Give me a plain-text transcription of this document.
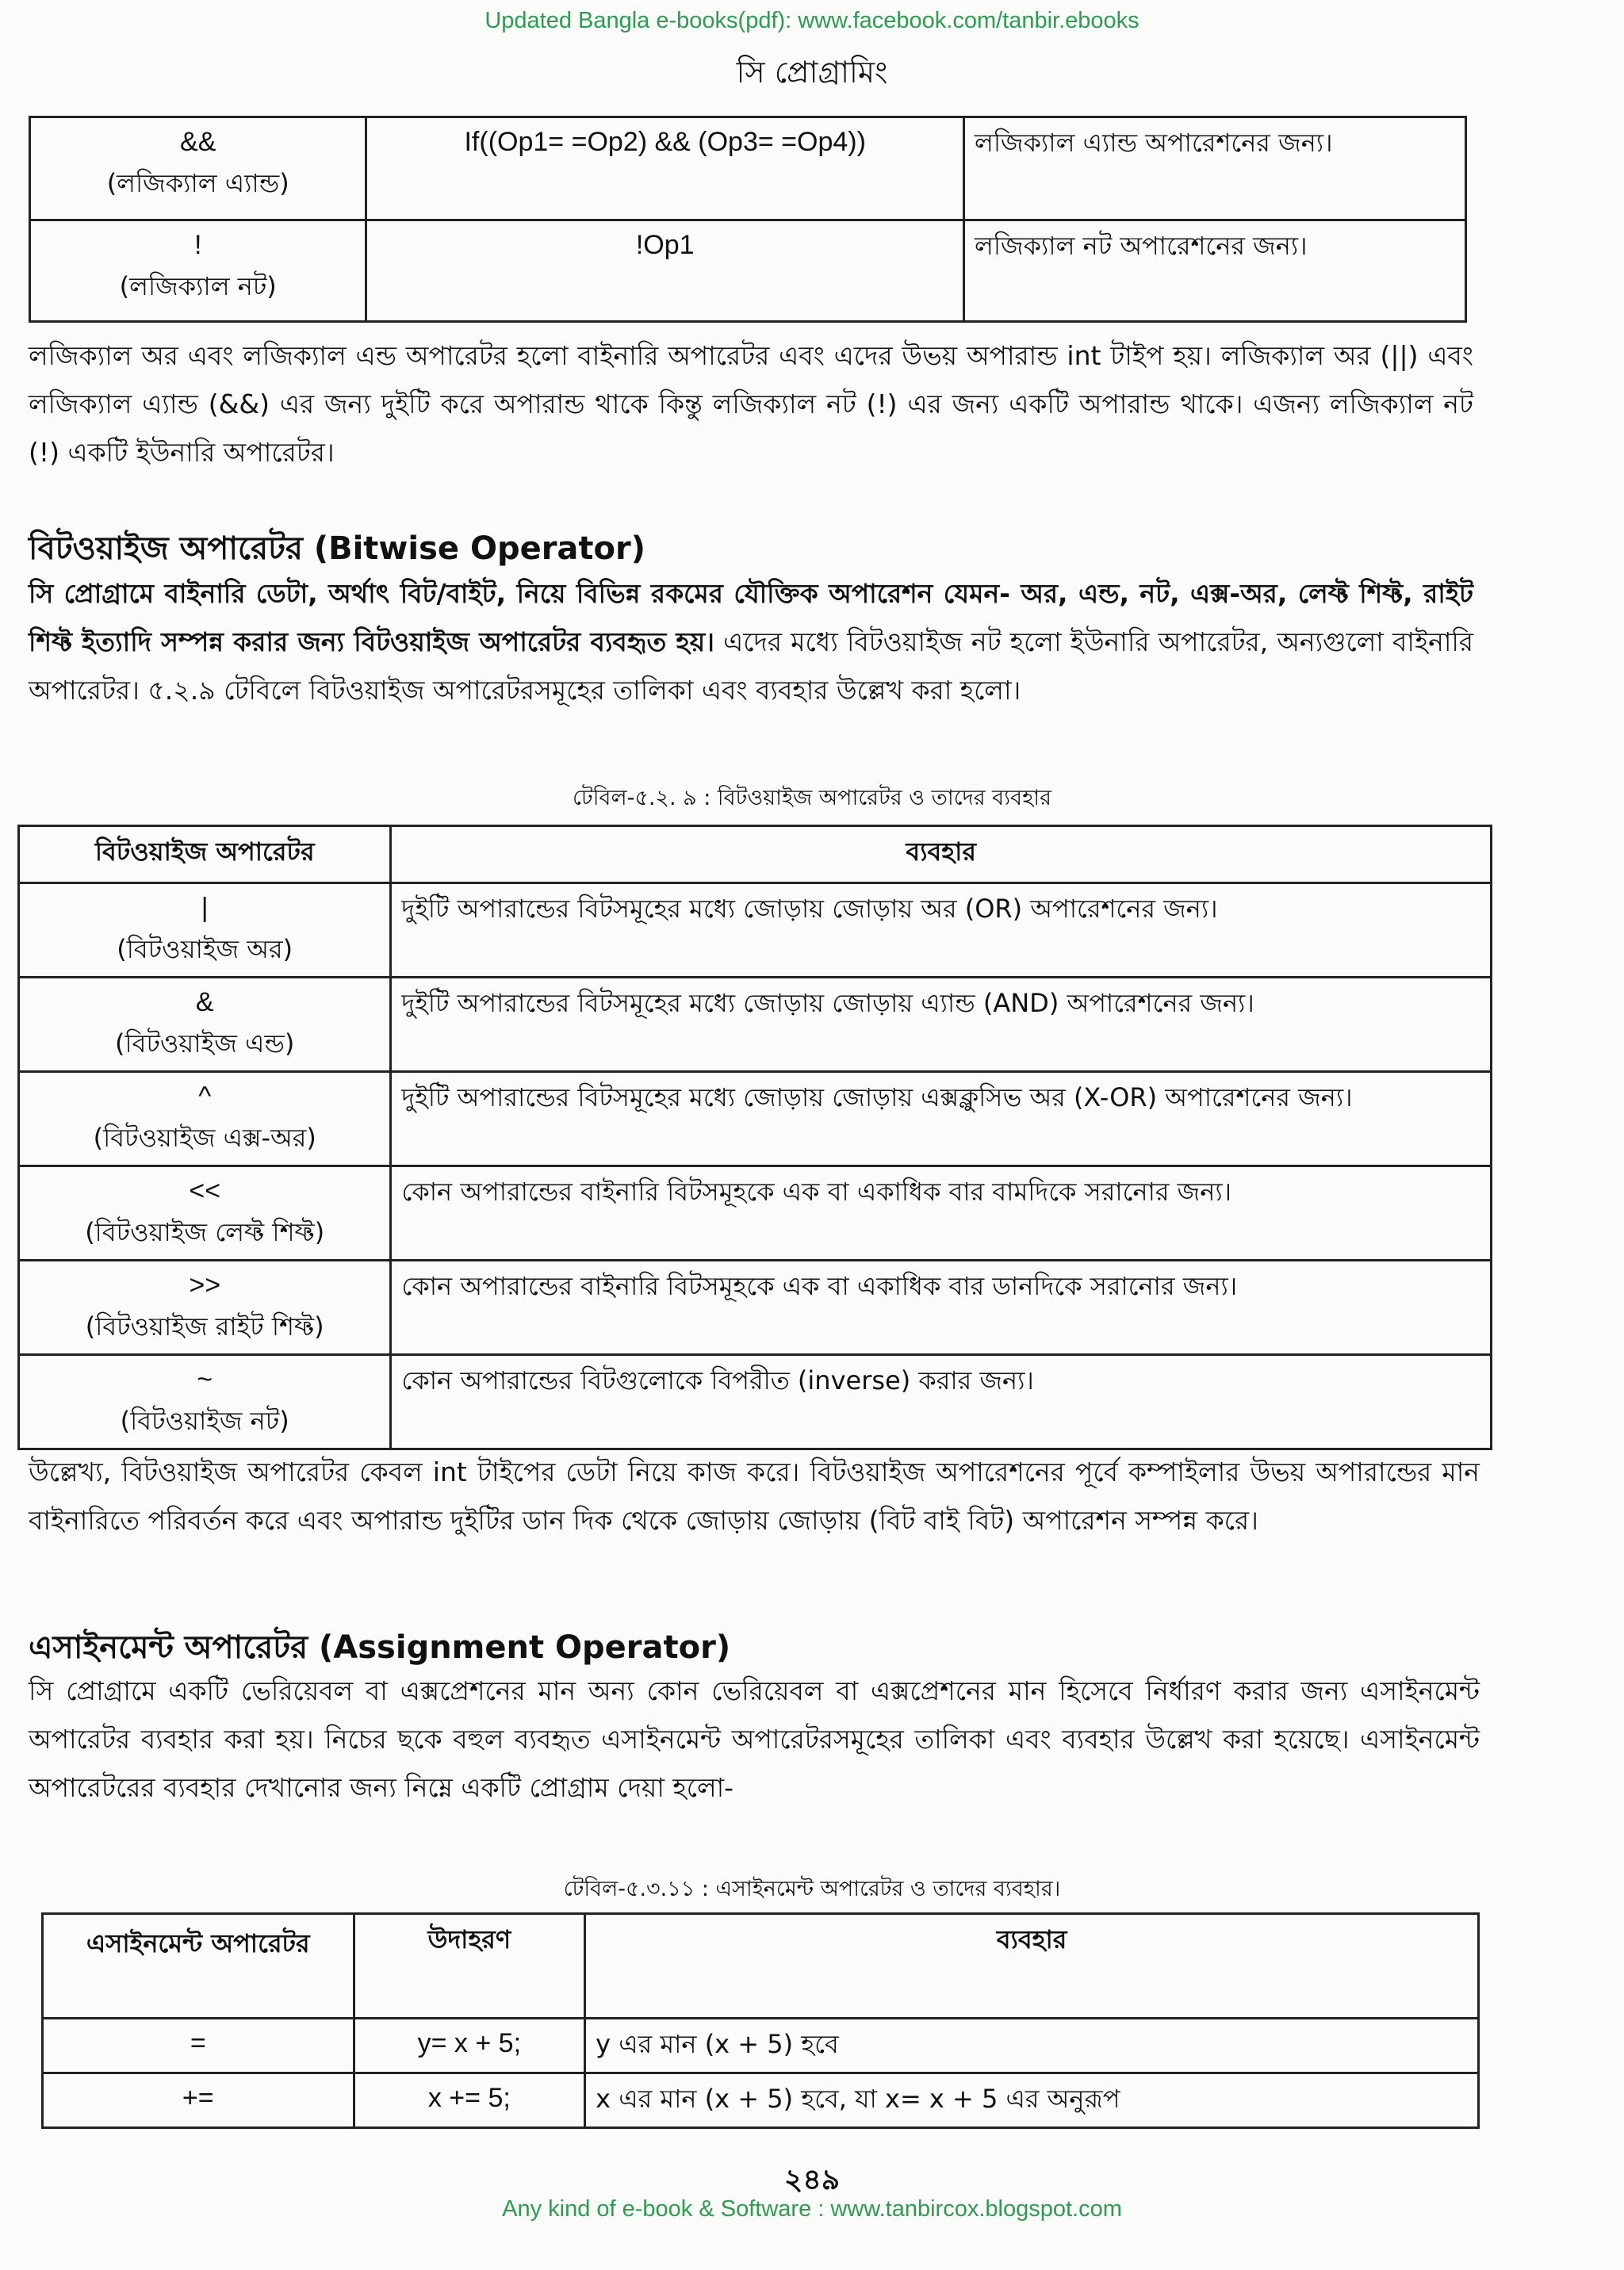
Updated Bangla e-books(pdf): www.facebook.com/tanbir.ebooks
সি প্রোগ্রামিং
&&
(লজিক্যাল এ্যান্ড)	If((Op1= =Op2) && (Op3= =Op4))	লজিক্যাল এ্যান্ড অপারেশনের জন্য।

!
(লজিক্যাল নট)	!Op1	লজিক্যাল নট অপারেশনের জন্য।
লজিক্যাল অর এবং লজিক্যাল এন্ড অপারেটর হলো বাইনারি অপারেটর এবং এদের উভয় অপারান্ড int টাইপ হয়। লজিক্যাল অর (||) এবং লজিক্যাল এ্যান্ড (&&) এর জন্য দুইটি করে অপারান্ড থাকে কিন্তু লজিক্যাল নট (!) এর জন্য একটি অপারান্ড থাকে। এজন্য লজিক্যাল নট (!) একটি ইউনারি অপারেটর।
বিটওয়াইজ অপারেটর (Bitwise Operator)
সি প্রোগ্রামে বাইনারি ডেটা, অর্থাৎ বিট/বাইট, নিয়ে বিভিন্ন রকমের যৌক্তিক অপারেশন যেমন- অর, এন্ড, নট, এক্স-অর, লেফ্ট শিফ্ট, রাইট শিফ্ট ইত্যাদি সম্পন্ন করার জন্য বিটওয়াইজ অপারেটর ব্যবহৃত হয়। এদের মধ্যে বিটওয়াইজ নট হলো ইউনারি অপারেটর, অন্যগুলো বাইনারি অপারেটর। ৫.২.৯ টেবিলে বিটওয়াইজ অপারেটরসমূহের তালিকা এবং ব্যবহার উল্লেখ করা হলো।
টেবিল-৫.২. ৯ : বিটওয়াইজ অপারেটর ও তাদের ব্যবহার
বিটওয়াইজ অপারেটর	ব্যবহার

|
(বিটওয়াইজ অর)	দুইটি অপারান্ডের বিটসমূহের মধ্যে জোড়ায় জোড়ায় অর (OR) অপারেশনের জন্য।

&
(বিটওয়াইজ এন্ড)	দুইটি অপারান্ডের বিটসমূহের মধ্যে জোড়ায় জোড়ায় এ্যান্ড (AND) অপারেশনের জন্য।

^
(বিটওয়াইজ এক্স-অর)	দুইটি অপারান্ডের বিটসমূহের মধ্যে জোড়ায় জোড়ায় এক্সক্লুসিভ অর (X-OR) অপারেশনের জন্য।

<<
(বিটওয়াইজ লেফ্ট শিফ্ট)	কোন অপারান্ডের বাইনারি বিটসমূহকে এক বা একাধিক বার বামদিকে সরানোর জন্য।

>>
(বিটওয়াইজ রাইট শিফ্ট)	কোন অপারান্ডের বাইনারি বিটসমূহকে এক বা একাধিক বার ডানদিকে সরানোর জন্য।

~
(বিটওয়াইজ নট)	কোন অপারান্ডের বিটগুলোকে বিপরীত (inverse) করার জন্য।
উল্লেখ্য, বিটওয়াইজ অপারেটর কেবল int টাইপের ডেটা নিয়ে কাজ করে। বিটওয়াইজ অপারেশনের পূর্বে কম্পাইলার উভয় অপারান্ডের মান বাইনারিতে পরিবর্তন করে এবং অপারান্ড দুইটির ডান দিক থেকে জোড়ায় জোড়ায় (বিট বাই বিট) অপারেশন সম্পন্ন করে।
এসাইনমেন্ট অপারেটর (Assignment Operator)
সি প্রোগ্রামে একটি ভেরিয়েবল বা এক্সপ্রেশনের মান অন্য কোন ভেরিয়েবল বা এক্সপ্রেশনের মান হিসেবে নির্ধারণ করার জন্য এসাইনমেন্ট অপারেটর ব্যবহার করা হয়। নিচের ছকে বহুল ব্যবহৃত এসাইনমেন্ট অপারেটরসমূহের তালিকা এবং ব্যবহার উল্লেখ করা হয়েছে। এসাইনমেন্ট অপারেটরের ব্যবহার দেখানোর জন্য নিম্নে একটি প্রোগ্রাম দেয়া হলো-
টেবিল-৫.৩.১১ : এসাইনমেন্ট অপারেটর ও তাদের ব্যবহার।
এসাইনমেন্ট অপারেটর	উদাহরণ	ব্যবহার

=	y= x + 5;	y এর মান (x + 5) হবে

+=	x += 5;	x এর মান (x + 5) হবে, যা x= x + 5 এর অনুরূপ
২৪৯
Any kind of e-book & Software : www.tanbircox.blogspot.com
